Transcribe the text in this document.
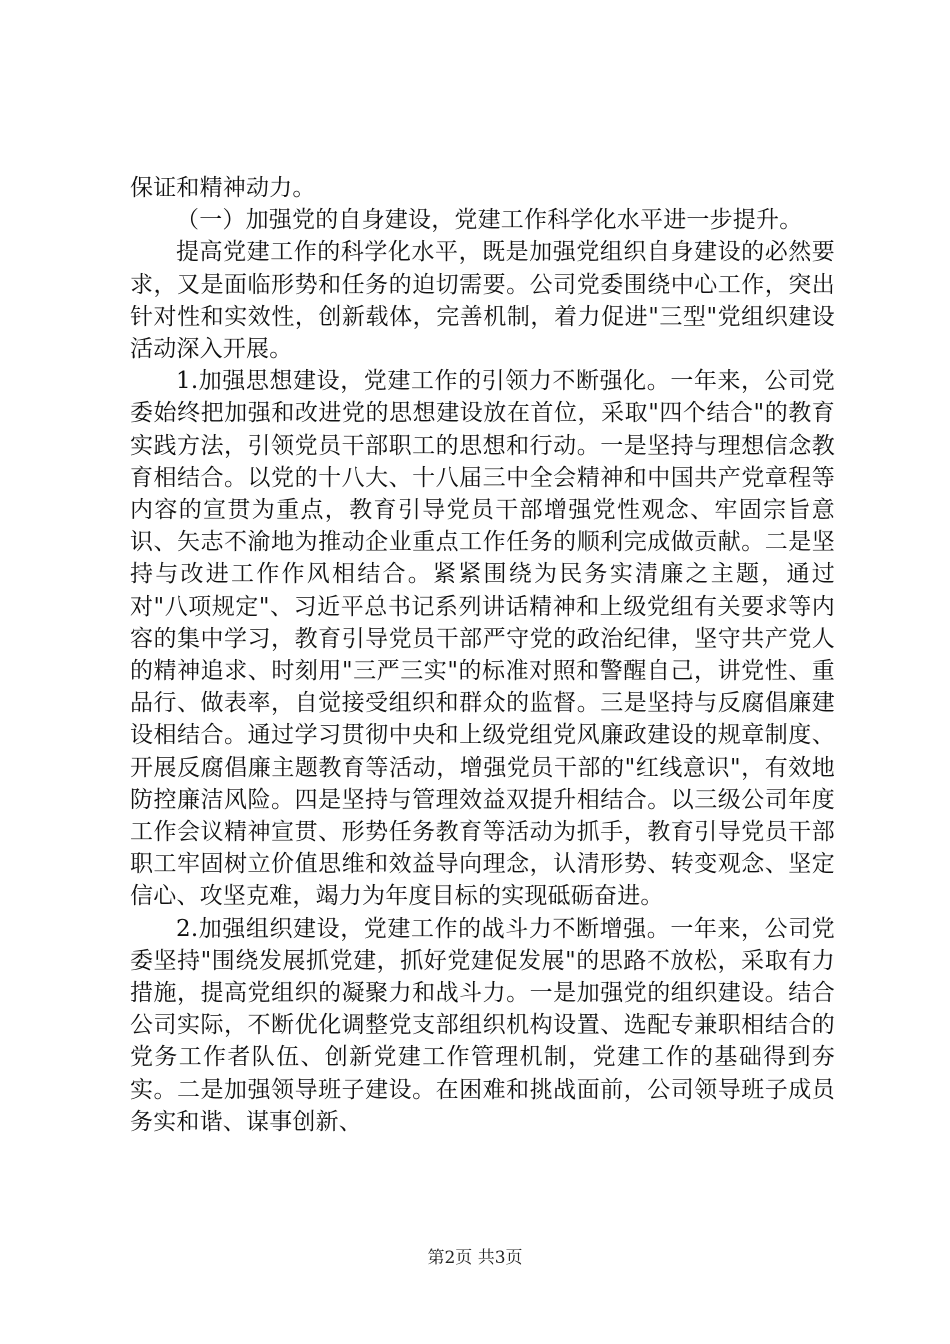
保证和精神动力。

（一）加强党的自身建设，党建工作科学化水平进一步提升。

提高党建工作的科学化水平，既是加强党组织自身建设的必然要求，又是面临形势和任务的迫切需要。公司党委围绕中心工作，突出针对性和实效性，创新载体，完善机制，着力促进"三型"党组织建设活动深入开展。

1.加强思想建设，党建工作的引领力不断强化。一年来，公司党委始终把加强和改进党的思想建设放在首位，采取"四个结合"的教育实践方法，引领党员干部职工的思想和行动。一是坚持与理想信念教育相结合。以党的十八大、十八届三中全会精神和中国共产党章程等内容的宣贯为重点，教育引导党员干部增强党性观念、牢固宗旨意识、矢志不渝地为推动企业重点工作任务的顺利完成做贡献。二是坚持与改进工作作风相结合。紧紧围绕为民务实清廉之主题，通过对"八项规定"、习近平总书记系列讲话精神和上级党组有关要求等内容的集中学习，教育引导党员干部严守党的政治纪律，坚守共产党人的精神追求、时刻用"三严三实"的标准对照和警醒自己，讲党性、重品行、做表率，自觉接受组织和群众的监督。三是坚持与反腐倡廉建设相结合。通过学习贯彻中央和上级党组党风廉政建设的规章制度、开展反腐倡廉主题教育等活动，增强党员干部的"红线意识"，有效地防控廉洁风险。四是坚持与管理效益双提升相结合。以三级公司年度工作会议精神宣贯、形势任务教育等活动为抓手，教育引导党员干部职工牢固树立价值思维和效益导向理念，认清形势、转变观念、坚定信心、攻坚克难，竭力为年度目标的实现砥砺奋进。

2.加强组织建设，党建工作的战斗力不断增强。一年来，公司党委坚持"围绕发展抓党建，抓好党建促发展"的思路不放松，采取有力措施，提高党组织的凝聚力和战斗力。一是加强党的组织建设。结合公司实际，不断优化调整党支部组织机构设置、选配专兼职相结合的党务工作者队伍、创新党建工作管理机制，党建工作的基础得到夯实。二是加强领导班子建设。在困难和挑战面前，公司领导班子成员务实和谐、谋事创新、

第2页 共3页
